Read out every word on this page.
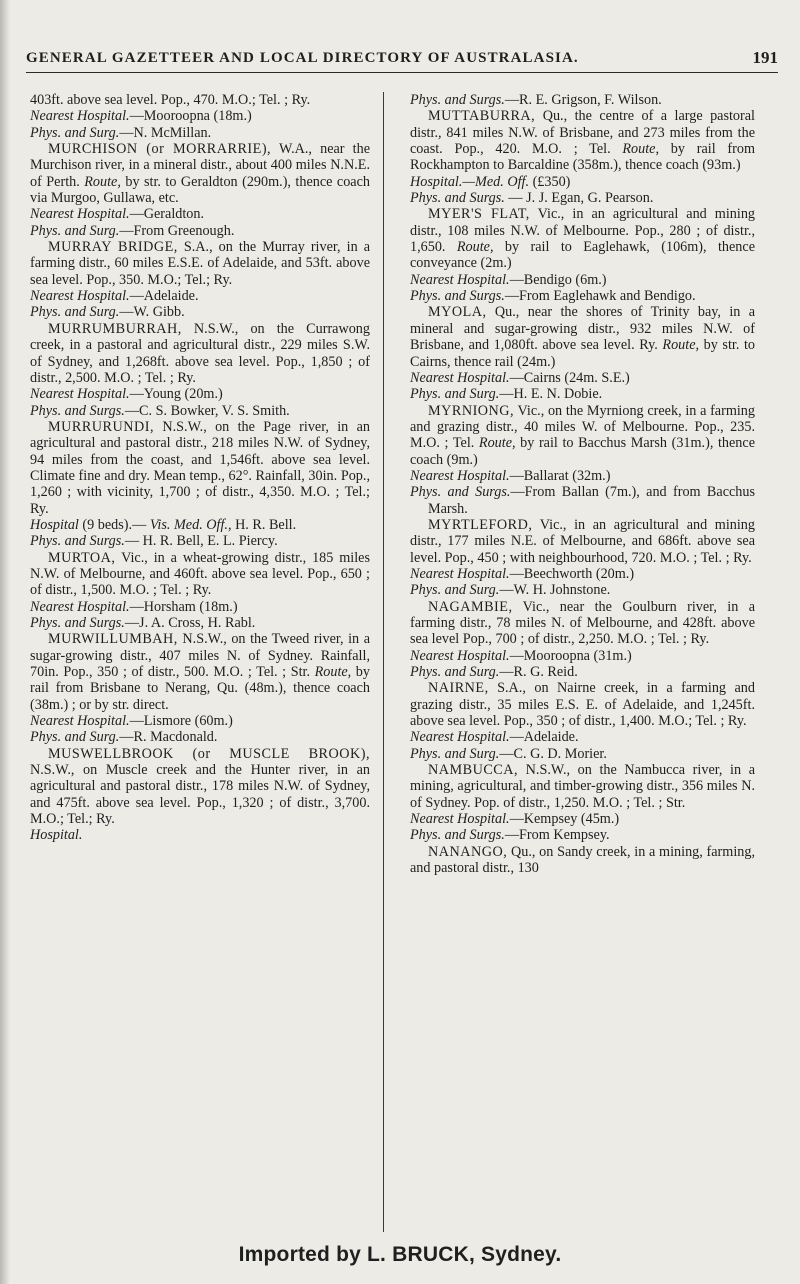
GENERAL GAZETTEER AND LOCAL DIRECTORY OF AUSTRALASIA.	191

403ft. above sea level. Pop., 470. M.O.; Tel. ; Ry.

Nearest Hospital.—Mooroopna (18m.)

Phys. and Surg.—N. McMillan.

MURCHISON (or MORRARRIE), W.A., near the Murchison river, in a mineral distr., about 400 miles N.N.E. of Perth. Route, by str. to Geraldton (290m.), thence coach via Murgoo, Gullawa, etc.

Nearest Hospital.—Geraldton.

Phys. and Surg.—From Greenough.

MURRAY BRIDGE, S.A., on the Murray river, in a farming distr., 60 miles E.S.E. of Adelaide, and 53ft. above sea level. Pop., 350. M.O.; Tel.; Ry.

Nearest Hospital.—Adelaide.

Phys. and Surg.—W. Gibb.

MURRUMBURRAH, N.S.W., on the Currawong creek, in a pastoral and agricultural distr., 229 miles S.W. of Sydney, and 1,268ft. above sea level. Pop., 1,850 ; of distr., 2,500. M.O. ; Tel. ; Ry.

Nearest Hospital.—Young (20m.)

Phys. and Surgs.—C. S. Bowker, V. S. Smith.

MURRURUNDI, N.S.W., on the Page river, in an agricultural and pastoral distr., 218 miles N.W. of Sydney, 94 miles from the coast, and 1,546ft. above sea level. Climate fine and dry. Mean temp., 62°. Rainfall, 30in. Pop., 1,260 ; with vicinity, 1,700 ; of distr., 4,350. M.O. ; Tel.; Ry.

Hospital (9 beds).— Vis. Med. Off., H. R. Bell.

Phys. and Surgs.— H. R. Bell, E. L. Piercy.

MURTOA, Vic., in a wheat-growing distr., 185 miles N.W. of Melbourne, and 460ft. above sea level. Pop., 650 ; of distr., 1,500. M.O. ; Tel. ; Ry.

Nearest Hospital.—Horsham (18m.)

Phys. and Surgs.—J. A. Cross, H. Rabl.

MURWILLUMBAH, N.S.W., on the Tweed river, in a sugar-growing distr., 407 miles N. of Sydney. Rainfall, 70in. Pop., 350 ; of distr., 500. M.O. ; Tel. ; Str. Route, by rail from Brisbane to Nerang, Qu. (48m.), thence coach (38m.) ; or by str. direct.

Nearest Hospital.—Lismore (60m.)

Phys. and Surg.—R. Macdonald.

MUSWELLBROOK (or MUSCLE BROOK), N.S.W., on Muscle creek and the Hunter river, in an agricultural and pastoral distr., 178 miles N.W. of Sydney, and 475ft. above sea level. Pop., 1,320 ; of distr., 3,700. M.O.; Tel.; Ry.

Hospital.

Phys. and Surgs.—R. E. Grigson, F. Wilson.

MUTTABURRA, Qu., the centre of a large pastoral distr., 841 miles N.W. of Brisbane, and 273 miles from the coast. Pop., 420. M.O. ; Tel. Route, by rail from Rockhampton to Barcaldine (358m.), thence coach (93m.)

Hospital.—Med. Off. (£350)

Phys. and Surgs. — J. J. Egan, G. Pearson.

MYER'S FLAT, Vic., in an agricultural and mining distr., 108 miles N.W. of Melbourne. Pop., 280 ; of distr., 1,650. Route, by rail to Eaglehawk, (106m), thence conveyance (2m.)

Nearest Hospital.—Bendigo (6m.)

Phys. and Surgs.—From Eaglehawk and Bendigo.

MYOLA, Qu., near the shores of Trinity bay, in a mineral and sugar-growing distr., 932 miles N.W. of Brisbane, and 1,080ft. above sea level. Ry. Route, by str. to Cairns, thence rail (24m.)

Nearest Hospital.—Cairns (24m. S.E.)

Phys. and Surg.—H. E. N. Dobie.

MYRNIONG, Vic., on the Myrniong creek, in a farming and grazing distr., 40 miles W. of Melbourne. Pop., 235. M.O. ; Tel. Route, by rail to Bacchus Marsh (31m.), thence coach (9m.)

Nearest Hospital.—Ballarat (32m.)

Phys. and Surgs.—From Ballan (7m.), and from Bacchus Marsh.

MYRTLEFORD, Vic., in an agricultural and mining distr., 177 miles N.E. of Melbourne, and 686ft. above sea level. Pop., 450 ; with neighbourhood, 720. M.O. ; Tel. ; Ry.

Nearest Hospital.—Beechworth (20m.)

Phys. and Surg.—W. H. Johnstone.

NAGAMBIE, Vic., near the Goulburn river, in a farming distr., 78 miles N. of Melbourne, and 428ft. above sea level Pop., 700 ; of distr., 2,250. M.O. ; Tel. ; Ry.

Nearest Hospital.—Mooroopna (31m.)

Phys. and Surg.—R. G. Reid.

NAIRNE, S.A., on Nairne creek, in a farming and grazing distr., 35 miles E.S. E. of Adelaide, and 1,245ft. above sea level. Pop., 350 ; of distr., 1,400. M.O.; Tel. ; Ry.

Nearest Hospital.—Adelaide.

Phys. and Surg.—C. G. D. Morier.

NAMBUCCA, N.S.W., on the Nambucca river, in a mining, agricultural, and timber-growing distr., 356 miles N. of Sydney. Pop. of distr., 1,250. M.O. ; Tel. ; Str.

Nearest Hospital.—Kempsey (45m.)

Phys. and Surgs.—From Kempsey.

NANANGO, Qu., on Sandy creek, in a mining, farming, and pastoral distr., 130

Imported by L. BRUCK, Sydney.
